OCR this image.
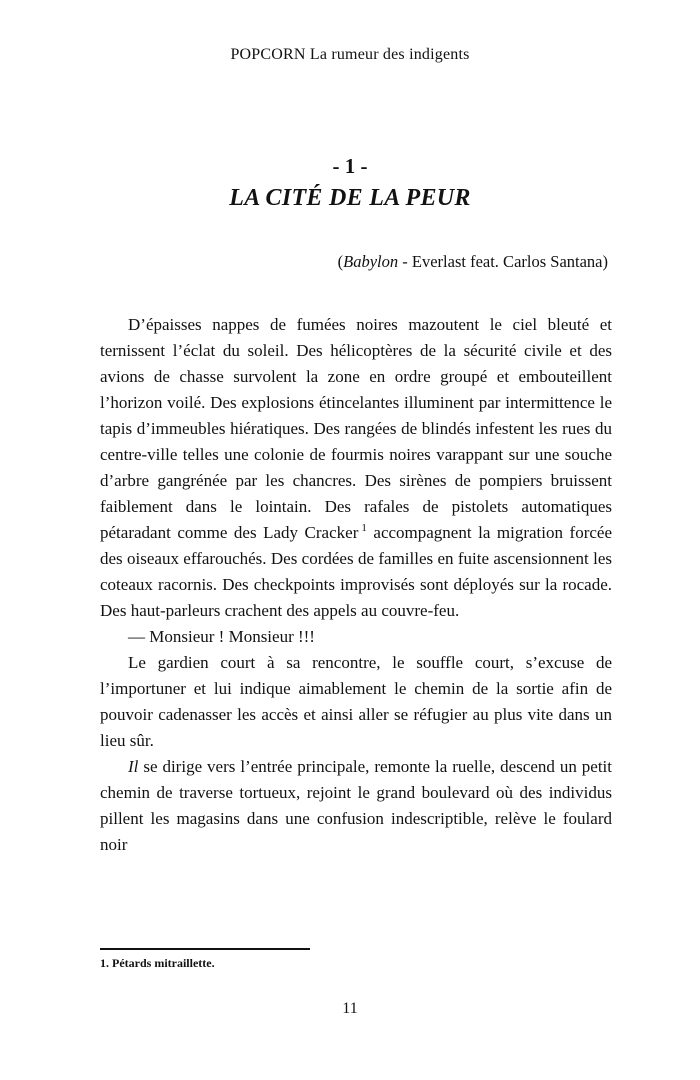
POPCORN La rumeur des indigents
- 1 -
LA CITÉ DE LA PEUR
(Babylon - Everlast feat. Carlos Santana)

D’épaisses nappes de fumées noires mazoutent le ciel bleuté et ternissent l’éclat du soleil. Des hélicoptères de la sécurité civile et des avions de chasse survolent la zone en ordre groupé et embouteillent l’horizon voilé. Des explosions étincelantes illuminent par intermittence le tapis d’immeubles hiératiques. Des rangées de blindés infestent les rues du centre-ville telles une colonie de fourmis noires varappant sur une souche d’arbre gangrénée par les chancres. Des sirènes de pompiers bruissent faiblement dans le lointain. Des rafales de pistolets automatiques pétaradant comme des Lady Cracker $^1$ accompagnent la migration forcée des oiseaux effarouchés. Des cordées de familles en fuite ascensionnent les coteaux racornis. Des checkpoints improvisés sont déployés sur la rocade. Des haut-parleurs crachent des appels au couvre-feu.

— Monsieur ! Monsieur !!!

Le gardien court à sa rencontre, le souffle court, s’excuse de l’importuner et lui indique aimablement le chemin de la sortie afin de pouvoir cadenasser les accès et ainsi aller se réfugier au plus vite dans un lieu sûr.

Il se dirige vers l’entrée principale, remonte la ruelle, descend un petit chemin de traverse tortueux, rejoint le grand boulevard où des individus pillent les magasins dans une confusion indescriptible, relève le foulard noir

1. Pétards mitraillette.
11
